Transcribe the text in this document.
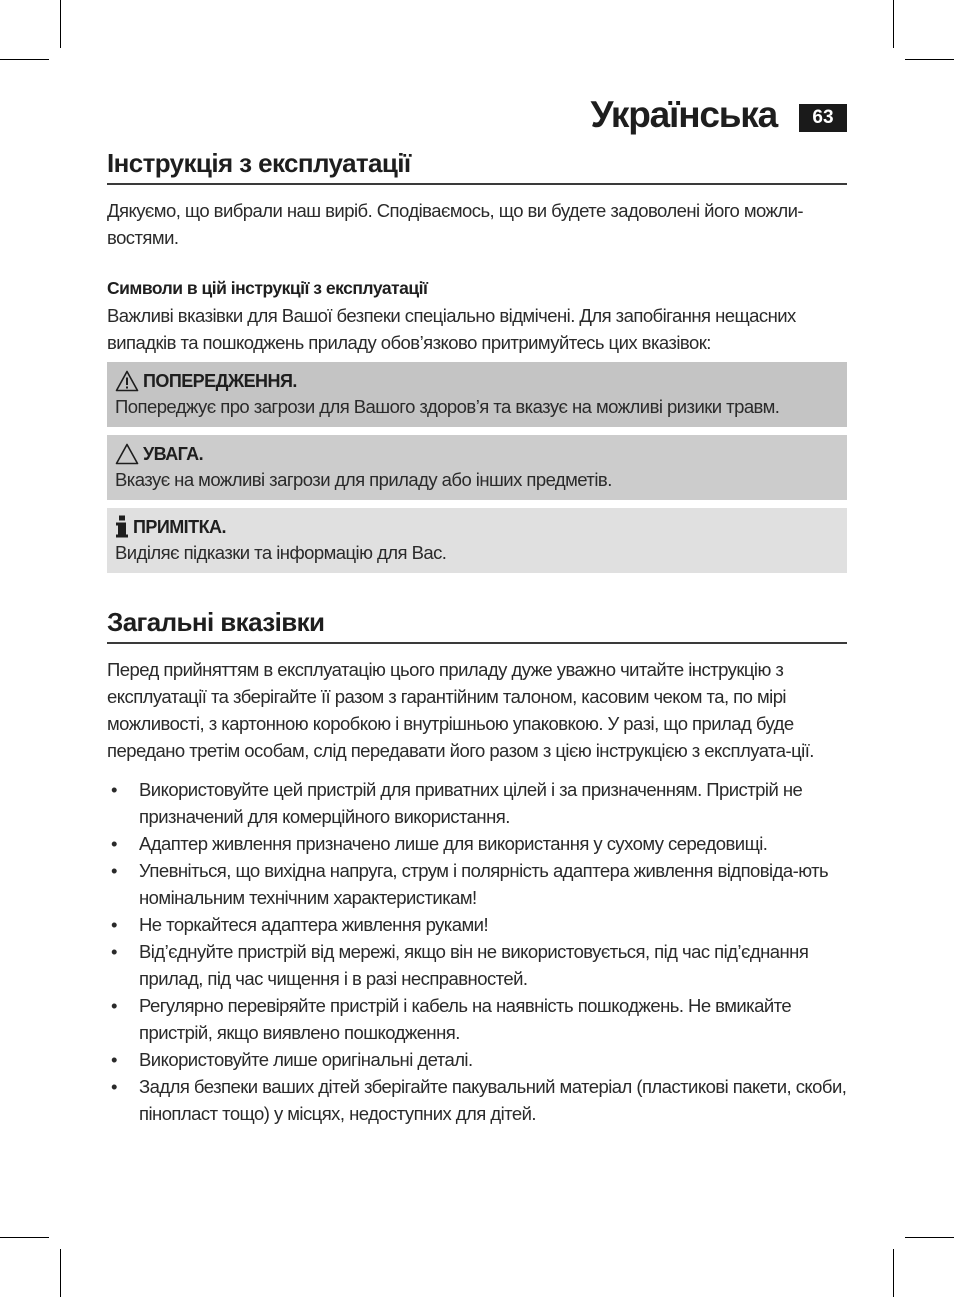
Українська	63
Інструкція з експлуатації

Дякуємо, що вибрали наш виріб. Сподіваємось, що ви будете задоволені його можли-востями.

Символи в цій інструкції з експлуатації

Важливі вказівки для Вашої безпеки спеціально відмічені. Для запобігання нещасних випадків та пошкоджень приладу обов’язково притримуйтесь цих вказівок:

ПОПЕРЕДЖЕННЯ.
Попереджує про загрози для Вашого здоров’я та вказує на можливі ризики травм.
УВАГА.
Вказує на можливі загрози для приладу або інших предметів.
ПРИМІТКА.
Виділяє підказки та інформацію для Вас.
Загальні вказівки

Перед прийняттям в експлуатацію цього приладу дуже уважно читайте інструкцію з експлуатації та зберігайте її разом з гарантійним талоном, касовим чеком та, по мірі можливості, з картонною коробкою і внутрішньою упаковкою. У разі, що прилад буде передано третім особам, слід передавати його разом з цією інструкцією з експлуата-ції.

• Використовуйте цей пристрій для приватних цілей і за призначенням. Пристрій не призначений для комерційного використання.
• Адаптер живлення призначено лише для використання у сухому середовищі.
• Упевніться, що вихідна напруга, струм і полярність адаптера живлення відповіда-ють номінальним технічним характеристикам!
• Не торкайтеся адаптера живлення руками!
• Від’єднуйте пристрій від мережі, якщо він не використовується, під час під’єднання прилад, під час чищення і в разі несправностей.
• Регулярно перевіряйте пристрій і кабель на наявність пошкоджень. Не вмикайте пристрій, якщо виявлено пошкодження.
• Використовуйте лише оригінальні деталі.
• Задля безпеки ваших дітей зберігайте пакувальний матеріал (пластикові пакети, скоби, пінопласт тощо) у місцях, недоступних для дітей.
